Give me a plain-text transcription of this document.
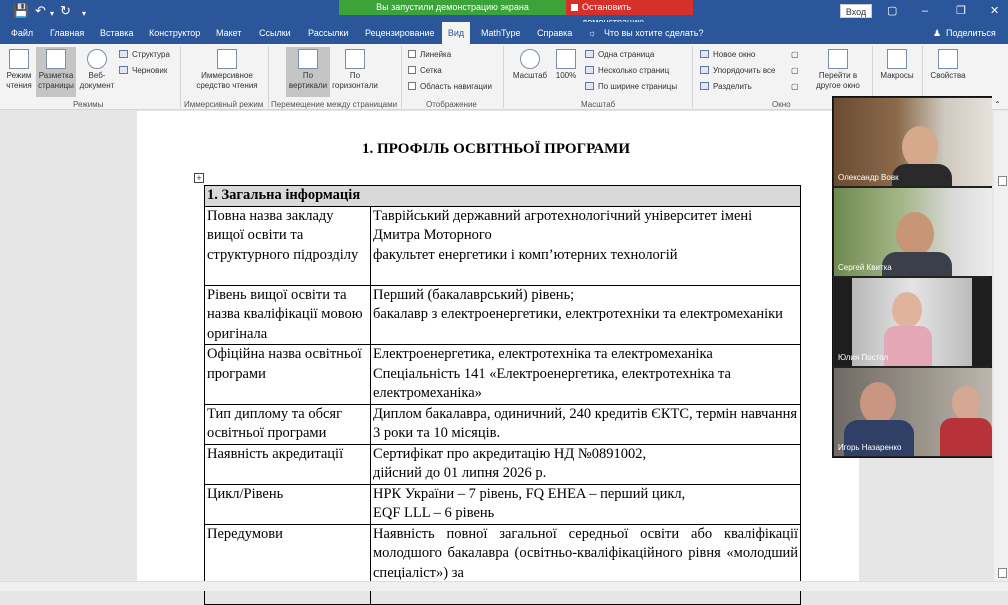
💾 ↶ ▾ ↻ ▾
Вы запустили демонстрацию экрана	Остановить	Вход	▢ –	❐ ✕
Файл Главная Вставка Конструктор Макет Ссылки Рассылки Рецензирование	MathType Справка ☼ Что вы хотите сделать?	♟ Поделиться
Вид
Режим чтения
Разметка страницы
Веб-документ
Структура
Черновик
Режимы
Иммерсивное средство чтения
Иммерсивный режим
По вертикали
По горизонтали
Перемещение между страницами
Линейка
Сетка
Область навигации
Отображение
Масштаб	100%
Одна страница
Несколько страниц
По ширине страницы
Масштаб
Новое окно
Упорядочить все
Разделить
▢
▢
▢
Перейти в другое окно
Окно
Макросы	Свойства
⌃
1. ПРОФІЛЬ ОСВІТНЬОЇ ПРОГРАМИ
+
1. Загальна інформація	
Повна назва закладу вищої освіти та структурного підрозділу	Таврійський державний агротехнологічний університет імені Дмитра Моторного
факультет енергетики і комп’ютерних технологій
Рівень вищої освіти та назва кваліфікації мовою оригінала	Перший (бакалаврський) рівень;
бакалавр з електроенергетики, електротехніки та електромеханіки
Офіційна назва освітньої програми	Електроенергетика, електротехніка та електромеханіка
Спеціальність 141 «Електроенергетика, електротехніка та електромеханіка»
Тип диплому та обсяг освітньої програми	Диплом бакалавра, одиничний, 240 кредитів ЄКТС, термін навчання 3 роки та 10 місяців.
Наявність акредитації	Сертифікат про акредитацію НД №0891002,
дійсний до 01 липня 2026 р.
Цикл/Рівень	НРК України – 7 рівень, FQ EHEA – перший цикл,
EQF LLL – 6 рівень
Передумови	Наявність повної загальної середньої освіти або кваліфікації молодшого бакалавра (освітньо-кваліфікаційного рівня «молодший спеціаліст») за
Олександр Вовк
Сергей Квитка
Юлия Постол
Игорь Назаренко
